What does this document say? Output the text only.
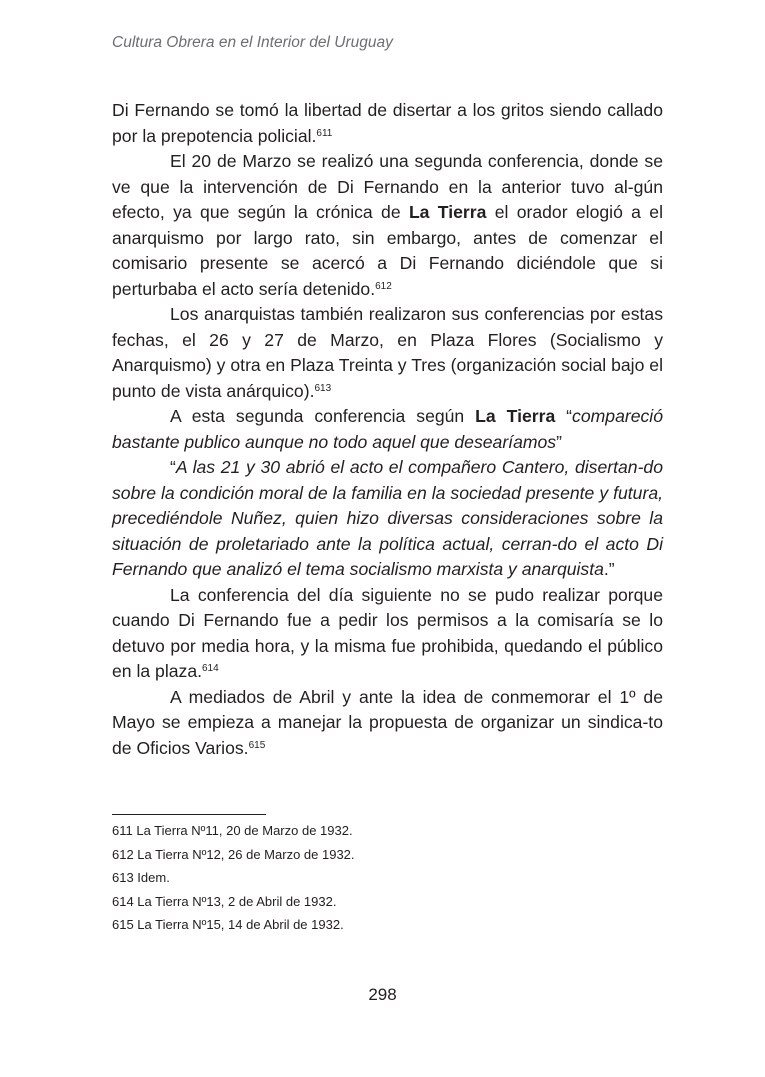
Cultura Obrera en el Interior del Uruguay

Di Fernando se tomó la libertad de disertar a los gritos siendo callado por la prepotencia policial.$^{611}$

El 20 de Marzo se realizó una segunda conferencia, donde se ve que la intervención de Di Fernando en la anterior tuvo al-gún efecto, ya que según la crónica de La Tierra el orador elogió a el anarquismo por largo rato, sin embargo, antes de comenzar el comisario presente se acercó a Di Fernando diciéndole que si perturbaba el acto sería detenido.$^{612}$

Los anarquistas también realizaron sus conferencias por estas fechas, el 26 y 27 de Marzo, en Plaza Flores (Socialismo y Anarquismo) y otra en Plaza Treinta y Tres (organización social bajo el punto de vista anárquico).$^{613}$

A esta segunda conferencia según La Tierra “compareció bastante publico aunque no todo aquel que desearíamos”

“A las 21 y 30 abrió el acto el compañero Cantero, disertan-do sobre la condición moral de la familia en la sociedad presente y futura, precediéndole Nuñez, quien hizo diversas consideraciones sobre la situación de proletariado ante la política actual, cerran-do el acto Di Fernando que analizó el tema socialismo marxista y anarquista.”

La conferencia del día siguiente no se pudo realizar porque cuando Di Fernando fue a pedir los permisos a la comisaría se lo detuvo por media hora, y la misma fue prohibida, quedando el público en la plaza.$^{614}$

A mediados de Abril y ante la idea de conmemorar el 1º de Mayo se empieza a manejar la propuesta de organizar un sindica-to de Oficios Varios.$^{615}$

611 La Tierra Nº11, 20 de Marzo de 1932.
612 La Tierra Nº12, 26 de Marzo de 1932.
613 Idem.
614 La Tierra Nº13, 2 de Abril de 1932.
615 La Tierra Nº15, 14 de Abril de 1932.
298
